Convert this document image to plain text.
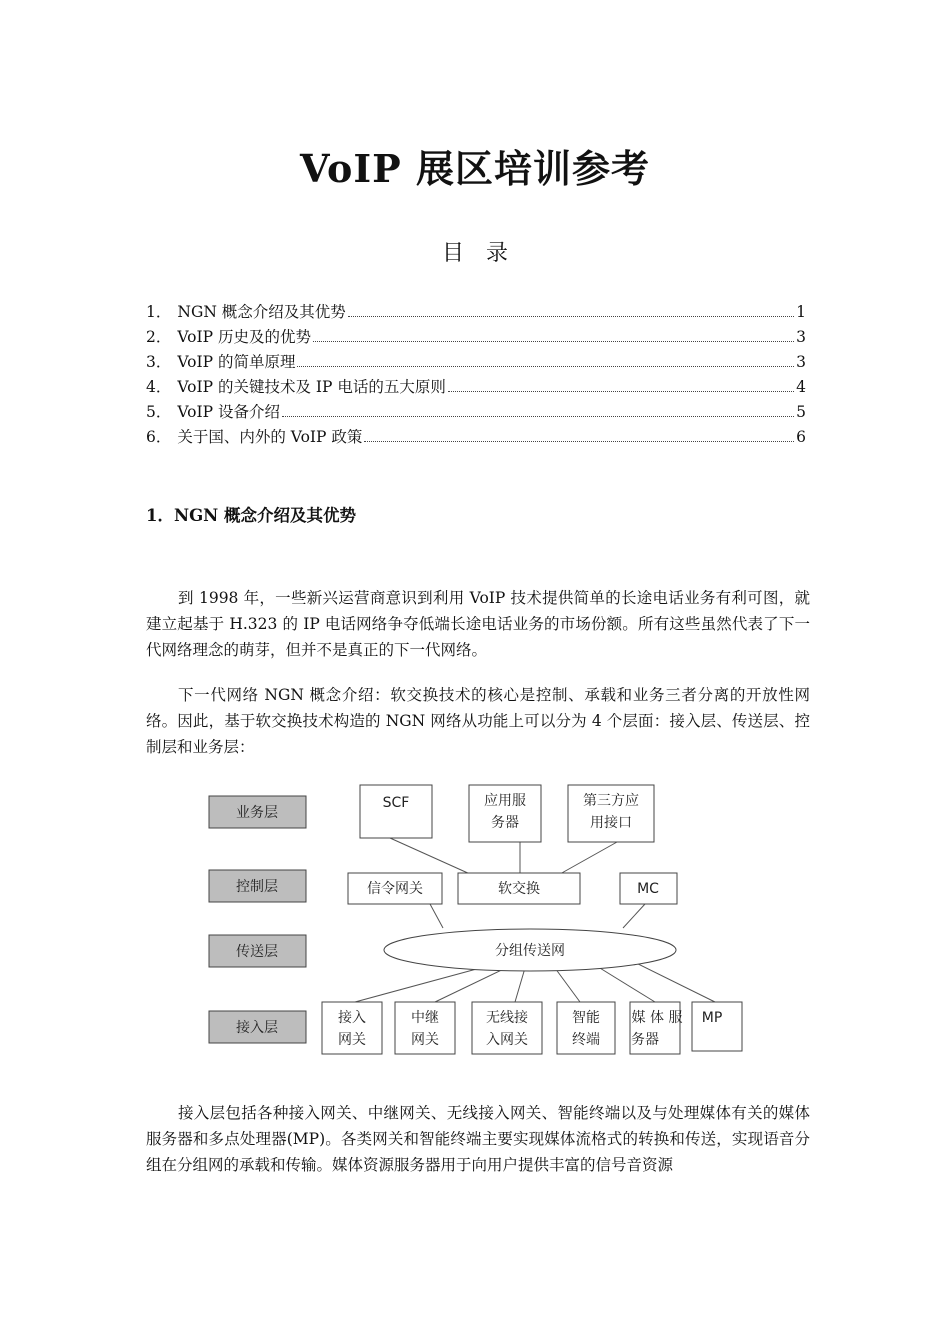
VoIP 展区培训参考
目　录
1． NGN 概念介绍及其优势	1
2． VoIP 历史及的优势	3
3． VoIP 的简单原理	3
4． VoIP 的关键技术及 IP 电话的五大原则	4
5． VoIP 设备介绍	5
6． 关于国、内外的 VoIP 政策	6
1．NGN 概念介绍及其优势
到 1998 年，一些新兴运营商意识到利用 VoIP 技术提供简单的长途电话业务有利可图，就建立起基于 H.323 的 IP 电话网络争夺低端长途电话业务的市场份额。所有这些虽然代表了下一代网络理念的萌芽，但并不是真正的下一代网络。
下一代网络 NGN 概念介绍：软交换技术的核心是控制、承载和业务三者分离的开放性网络。因此，基于软交换技术构造的 NGN 网络从功能上可以分为 4 个层面：接入层、传送层、控制层和业务层：
业务层
控制层
传送层
接入层
SCF	应用服
务器
第三方应
用接口
信令网关	软交换	MC
分组传送网
接入
网关
中继
网关
无线接
入网关
智能
终端
媒 体 服
务器
MP
接入层包括各种接入网关、中继网关、无线接入网关、智能终端以及与处理媒体有关的媒体服务器和多点处理器(MP)。各类网关和智能终端主要实现媒体流格式的转换和传送，实现语音分组在分组网的承载和传输。媒体资源服务器用于向用户提供丰富的信号音资源
